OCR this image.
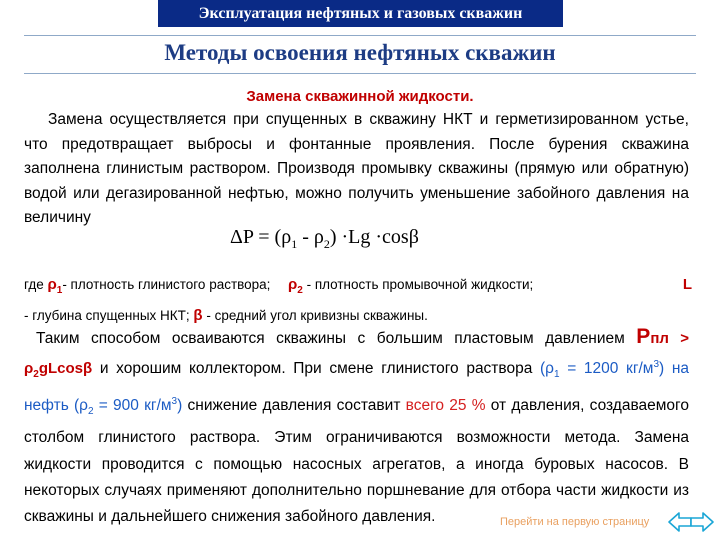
Эксплуатация нефтяных и газовых скважин
Методы освоения нефтяных скважин
Замена скважинной жидкости.

Замена осуществляется при спущенных в скважину НКТ и герметизированном устье, что предотвращает выбросы и фонтанные проявления. После бурения скважина заполнена глинистым раствором. Производя промывку скважины (прямую или обратную) водой или дегазированной нефтью, можно получить уменьшение забойного давления на величину

$\Delta P = (\rho_1 - \rho_2) \cdot Lg \cdot\cos\beta$
L
где $\rho_1-$ плотность глинистого раствора; $\rho_2$ - плотность промывочной жидкости;
- глубина спущенных НКТ; β - средний угол кривизны скважины.

Таким способом осваиваются скважины с большим пластовым давлением Рпл > $\rho_2gLcos\beta$ и хорошим коллектором. При смене глинистого раствора ($\rho_1 = 1200$ $кг/м^3$) на нефть ($\rho_2 = 900$ $кг/м^3$) снижение давления составит всего 25 % от давления, создаваемого столбом глинистого раствора. Этим ограничиваются возможности метода. Замена жидкости проводится с помощью насосных агрегатов, а иногда буровых насосов. В некоторых случаях применяют дополнительно поршневание для отбора части жидкости из скважины и дальнейшего снижения забойного давления.	Перейти на первую страницу
